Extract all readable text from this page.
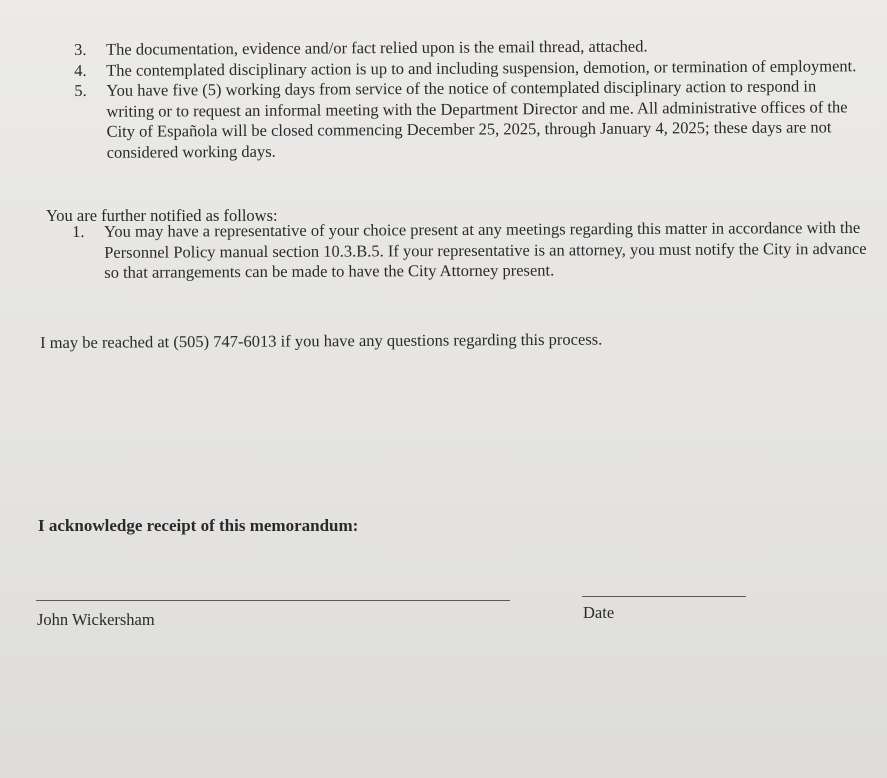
3. The documentation, evidence and/or fact relied upon is the email thread, attached.
4. The contemplated disciplinary action is up to and including suspension, demotion, or termination of employment.
5. You have five (5) working days from service of the notice of contemplated disciplinary action to respond in writing or to request an informal meeting with the Department Director and me. All administrative offices of the City of Española will be closed commencing December 25, 2025, through January 4, 2025; these days are not considered working days.

You are further notified as follows:

1. You may have a representative of your choice present at any meetings regarding this matter in accordance with the Personnel Policy manual section 10.3.B.5. If your representative is an attorney, you must notify the City in advance so that arrangements can be made to have the City Attorney present.

I may be reached at (505) 747-6013 if you have any questions regarding this process.

I acknowledge receipt of this memorandum:

John Wickersham	Date
